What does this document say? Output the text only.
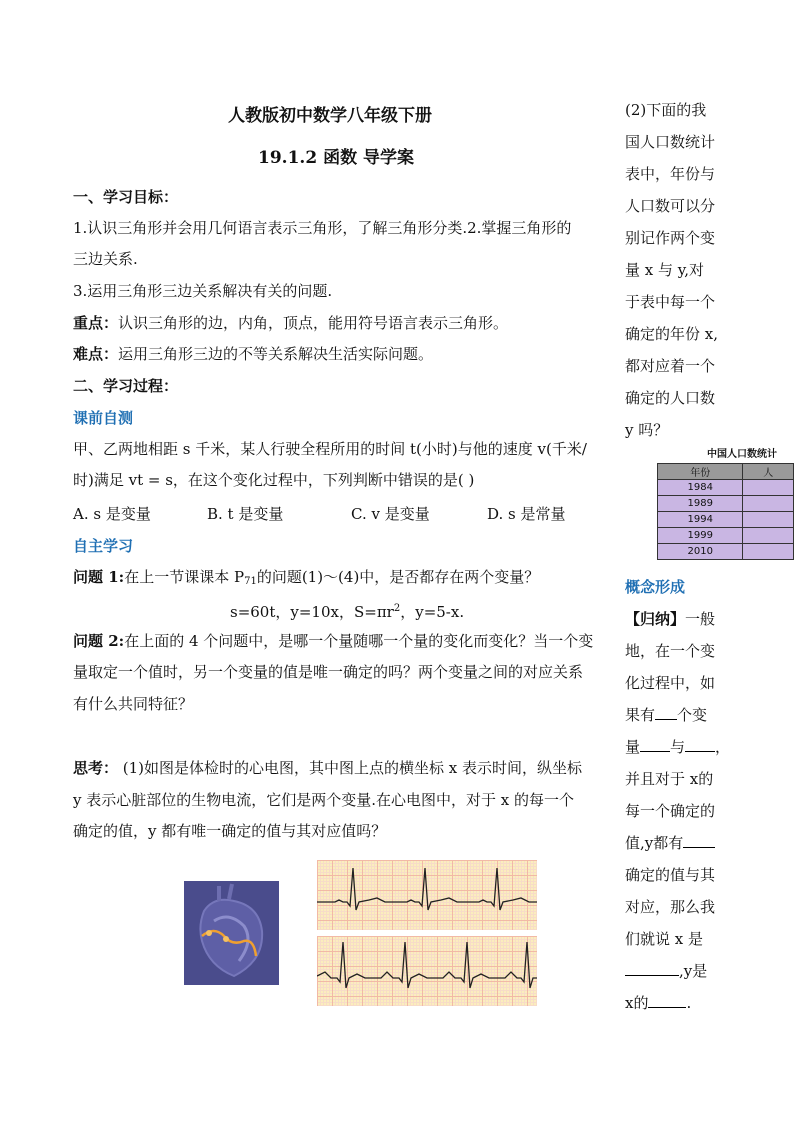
人教版初中数学八年级下册
19.1.2 函数 导学案
一、学习目标：
1.认识三角形并会用几何语言表示三角形，了解三角形分类.2.掌握三角形的
三边关系.
3.运用三角形三边关系解决有关的问题.
重点：认识三角形的边，内角，顶点，能用符号语言表示三角形。
难点：运用三角形三边的不等关系解决生活实际问题。
二、学习过程：
课前自测
甲、乙两地相距 s 千米，某人行驶全程所用的时间 t(小时)与他的速度 v(千米/
时)满足 vt = s，在这个变化过程中，下列判断中错误的是( )
A. s 是变量	B. t 是变量	C. v 是变量	D. s 是常量
自主学习
问题 1:在上一节课课本 $P_{71}$的问题(1)～(4)中，是否都存在两个变量？
s=60t，y=10x，$S=\pi r^2$，y=5-x.
问题 2:在上面的 4 个问题中，是哪一个量随哪一个量的变化而变化？当一个变
量取定一个值时，另一个变量的值是唯一确定的吗？两个变量之间的对应关系
有什么共同特征？
思考： (1)如图是体检时的心电图，其中图上点的横坐标 x 表示时间，纵坐标
y 表示心脏部位的生物电流，它们是两个变量.在心电图中，对于 x 的每一个
确定的值，y 都有唯一确定的值与其对应值吗？
(2)下面的我
国人口数统计
表中，年份与
人口数可以分
别记作两个变
量 x 与 y,对
于表中每一个
确定的年份 x,
都对应着一个
确定的人口数
y 吗？
中国人口数统计
年份	人
1984	
1989	
1994	
1999	
2010	
概念形成
【归纳】一般
地，在一个变
化过程中，如
果有 个变
量 与 ，
并且对于 x的
每一个确定的
值,y都有
确定的值与其
对应，那么我
们就说 x 是
,y是
x的	.
